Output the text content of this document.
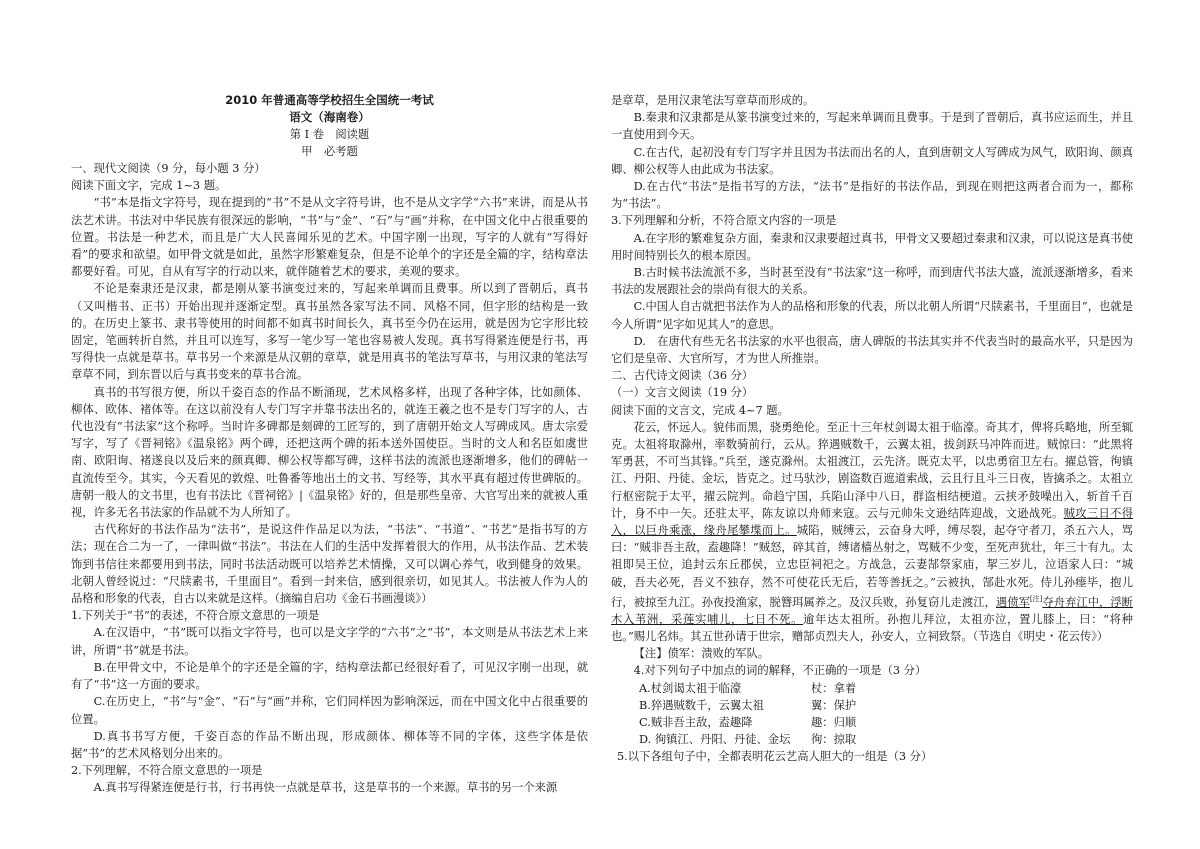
2010 年普通高等学校招生全国统一考试
语文（海南卷）
第 I 卷　阅读题
甲　必考题

一、现代文阅读（9 分，每小题 3 分）

阅读下面文字，完成 1~3 题。

“书”本是指文字符号，现在提到的“书”不是从文字符号讲，也不是从文字学“六书”来讲，而是从书法艺术讲。书法对中华民族有很深远的影响，“书”与“金”、“石”与“画”并称，在中国文化中占很重要的位置。书法是一种艺术，而且是广大人民喜闻乐见的艺术。中国字刚一出现，写字的人就有“写得好看”的要求和欲望。如甲骨文就是如此，虽然字形繁难复杂，但是不论单个的字还是全篇的字，结构章法都要好看。可见，自从有写字的行动以来，就伴随着艺术的要求，美观的要求。

不论是秦隶还是汉隶，都是刚从篆书演变过来的，写起来单调而且费事。所以到了晋朝后，真书（又叫楷书、正书）开始出现并逐渐定型。真书虽然各家写法不同、风格不同，但字形的结构是一致的。在历史上篆书、隶书等使用的时间都不如真书时间长久，真书至今仍在运用，就是因为它字形比较固定，笔画转折自然，并且可以连写，多写一笔少写一笔也容易被人发现。真书写得紧连便是行书，再写得快一点就是草书。草书另一个来源是从汉朝的章草，就是用真书的笔法写草书，与用汉隶的笔法写章草不同，到东晋以后与真书变来的草书合流。

真书的书写很方便，所以千姿百态的作品不断涌现，艺术风格多样，出现了各种字体，比如颜体、柳体、欧体、褚体等。在这以前没有人专门写字并靠书法出名的，就连王羲之也不是专门写字的人，古代也没有“书法家”这个称呼。当时许多碑都是刻碑的工匠写的，到了唐朝开始文人写碑成风。唐太宗爱写字，写了《晋祠铭》《温泉铭》两个碑，还把这两个碑的拓本送外国使臣。当时的文人和名臣如虞世南、欧阳询、褚遂良以及后来的颜真卿、柳公权等都写碑，这样书法的流派也逐渐增多，他们的碑帖一直流传至今。其实，今天看见的敦煌、吐鲁番等地出土的文书、写经等，其水平真有超过传世碑版的。唐朝一般人的文书里，也有书法比《晋祠铭》|《温泉铭》好的，但是那些皇帝、大官写出来的就被人重视，许多无名书法家的作品就不为人所知了。

古代称好的书法作品为“法书”，是说这件作品足以为法，“书法”、“书道”、“书艺”是指书写的方法；现在合二为一了，一律叫做“书法”。书法在人们的生活中发挥着很大的作用，从书法作品、艺术装饰到书信往来都要用到书法，同时书法活动既可以培养艺术情操，又可以调心养气，收到健身的效果。北朝人曾经说过：“尺牍素书，千里面目”。看到一封来信，感到很亲切，如见其人。书法被人作为人的品格和形象的代表，自古以来就是这样。（摘编自启功《金石书画漫谈》）

1.下列关于“书”的表述，不符合原文意思的一项是

A.在汉语中，“书”既可以指文字符号，也可以是文字学的“六书”之“书”，本文则是从书法艺术上来讲，所谓“书”就是书法。

B.在甲骨文中，不论是单个的字还是全篇的字，结构章法都已经很好看了，可见汉字刚一出现，就有了“书”这一方面的要求。

C.在历史上，“书”与“金”、“石”与“画”并称，它们同样因为影响深远，而在中国文化中占很重要的位置。

D.真书书写方便，千姿百态的作品不断出现，形成颜体、柳体等不同的字体，这些字体是依据“书”的艺术风格划分出来的。

2.下列理解，不符合原文意思的一项是

A.真书写得紧连便是行书，行书再快一点就是草书，这是草书的一个来源。草书的另一个来源

是章草，是用汉隶笔法写章草而形成的。

B.秦隶和汉隶都是从篆书演变过来的，写起来单调而且费事。于是到了晋朝后，真书应运而生，并且一直使用到今天。

C.在古代，起初没有专门写字并且因为书法而出名的人，直到唐朝文人写碑成为风气，欧阳询、颜真卿、柳公权等人由此成为书法家。

D.在古代“书法”是指书写的方法，“法书”是指好的书法作品，到现在则把这两者合而为一，都称为“书法”。

3.下列理解和分析，不符合原文内容的一项是

A.在字形的繁难复杂方面，秦隶和汉隶要超过真书，甲骨文又要超过秦隶和汉隶，可以说这是真书使用时间特别长久的根本原因。

B.古时候书法流派不多，当时甚至没有“书法家”这一称呼，而到唐代书法大盛，流派逐渐增多，看来书法的发展跟社会的崇尚有很大的关系。

C.中国人自古就把书法作为人的品格和形象的代表，所以北朝人所谓“尺牍素书，千里面目”，也就是今人所谓“见字如见其人”的意思。

D.　在唐代有些无名书法家的水平也很高，唐人碑版的书法其实并不代表当时的最高水平，只是因为它们是皇帝、大官所写，才为世人所推崇。

二、古代诗文阅读（36 分）

（一）文言文阅读（19 分）

阅读下面的文言文，完成 4~7 题。

花云，怀远人。貌伟而黑，骁勇绝伦。至正十三年杖剑谒太祖于临濠。奇其才，俾将兵略地，所至辄克。太祖将取滁州，率数骑前行，云从。猝遇贼数千，云翼太祖，拔剑跃马冲阵而进。贼惊曰：“此黑将军勇甚，不可当其锋。”兵至，遂克滁州。太祖渡江，云先济。既克太平，以忠勇宿卫左右。擢总管，徇镇江、丹阳、丹徒、金坛，皆克之。过马驮沙，剧盗数百遮道索战，云且行且斗三日夜，皆擒杀之。太祖立行枢密院于太平，擢云院判。命趋宁国，兵陷山泽中八日，群盗相结梗道。云挟矛鼓噪出入，斩首千百计，身不中一矢。还驻太平，陈友谅以舟师来寇。云与元帅朱文逊结阵迎战，文逊战死。贼攻三日不得入，以巨舟乘涨，缘舟尾攀堞而上。城陷，贼缚云，云奋身大呼，缚尽裂，起夺守者刀，杀五六人，骂曰：“贼非吾主敌，盍趣降！”贼怒，碎其首，缚诸樯丛射之，骂贼不少变，至死声犹壮，年三十有九。太祖即吴王位，追封云东丘郡侯，立忠臣祠祀之。方战急，云妻郜祭家庙，挈三岁儿，泣语家人曰：“城破，吾夫必死，吾义不独存，然不可使花氏无后，若等善抚之。”云被执，郜赴水死。侍儿孙瘗毕，抱儿行，被掠至九江。孙夜投渔家，脱簪珥属养之。及汉兵败，孙复窃儿走渡江，遇偾军[注]夺舟弃江中，浮断木入苇洲，采莲实哺儿，七日不死。逾年达太祖所。孙抱儿拜泣，太祖亦泣，置儿膝上，曰：“将种也。”赐儿名炜。其五世孙请于世宗，赠郜贞烈夫人，孙安人，立祠致祭。（节选自《明史・花云传》）

【注】偾军：溃败的军队。

4.对下列句子中加点的词的解释，不正确的一项是（3 分）

A.杖剑谒太祖于临濠	杖：拿着
B.猝遇贼数千，云翼太祖	翼：保护
C.贼非吾主敌，盍趣降	趣：归顺
D. 徇镇江、丹阳、丹徒、金坛	徇：掠取

5.以下各组句子中，全都表明花云艺高人胆大的一组是（3 分）
